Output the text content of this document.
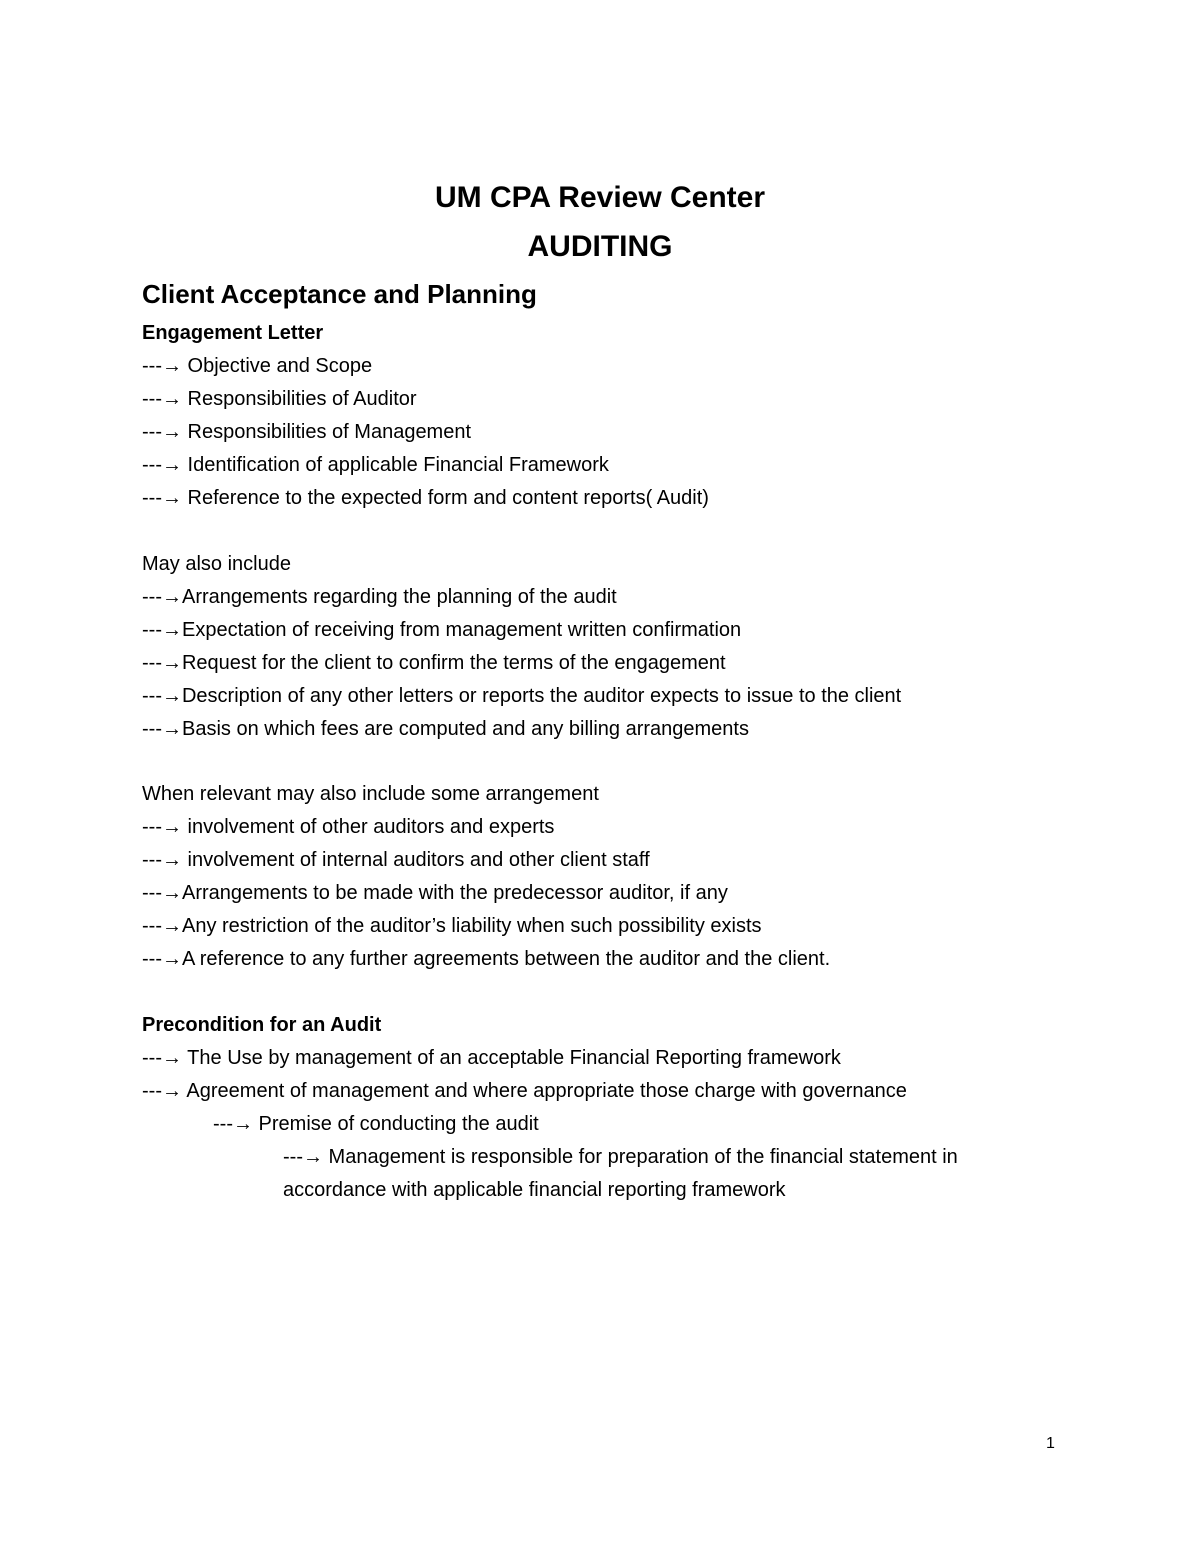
UM CPA Review Center
AUDITING
Client Acceptance and Planning
Engagement Letter
---→ Objective and Scope
---→ Responsibilities of Auditor
---→ Responsibilities of Management
---→ Identification of applicable Financial Framework
---→ Reference to the expected form and content reports( Audit)
May also include
---→Arrangements regarding the planning of the audit
---→Expectation of receiving from management written confirmation
---→Request for the client to confirm the terms of the engagement
---→Description of any other letters or reports the auditor expects to issue to the client
---→Basis on which fees are computed and any billing arrangements
When relevant may also include some arrangement
---→ involvement of other auditors and experts
---→ involvement of internal auditors and other client staff
---→Arrangements to be made with the predecessor auditor, if any
---→Any restriction of the auditor’s liability when such possibility exists
---→A reference to any further agreements between the auditor and the client.
Precondition for an Audit
---→ The Use by management of an acceptable Financial Reporting framework
---→ Agreement of management and where appropriate those charge with governance
---→ Premise of conducting the audit
---→ Management is responsible for preparation of the financial statement in
accordance with applicable financial reporting framework
1
